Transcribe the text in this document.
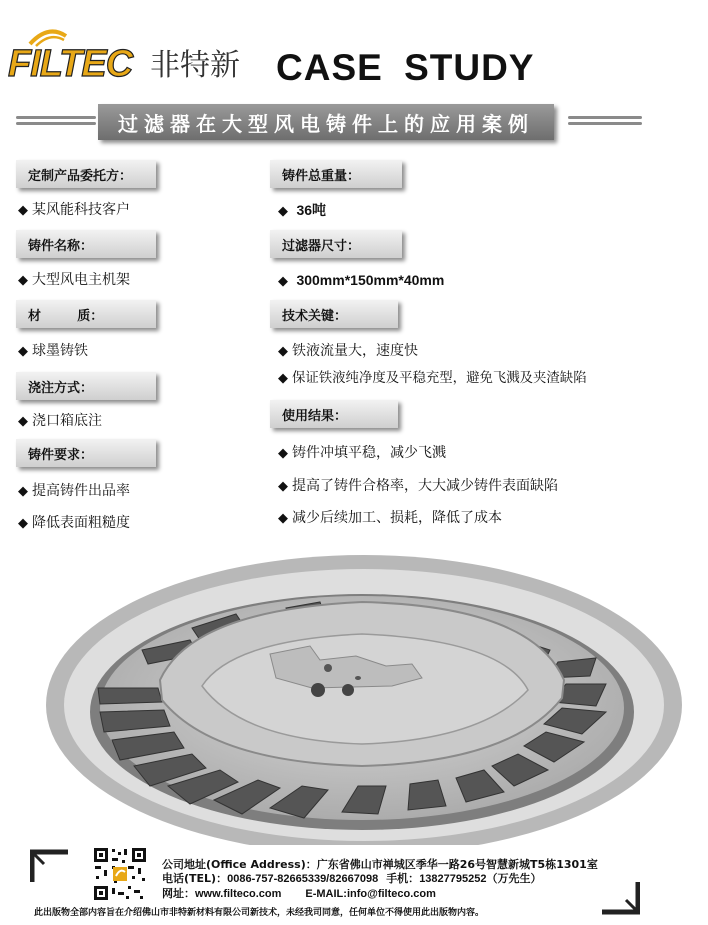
FILTEC 非特新 CASE STUDY
过滤器在大型风电铸件上的应用案例
定制产品委托方：
◆ 某风能科技客户
铸件名称：
◆ 大型风电主机架
材        质：
◆ 球墨铸铁
浇注方式：
◆ 浇口箱底注
铸件要求：
◆ 提高铸件出品率
◆ 降低表面粗糙度
铸件总重量：
◆ 36吨
过滤器尺寸：
◆ 300mm*150mm*40mm
技术关键：
◆ 铁液流量大，速度快
◆ 保证铁液纯净度及平稳充型，避免飞溅及夹渣缺陷
使用结果：
◆ 铸件冲填平稳，减少飞溅
◆ 提高了铸件合格率，大大减少铸件表面缺陷
◆ 减少后续加工、损耗，降低了成本
公司地址(Office Address)：广东省佛山市禅城区季华一路26号智慧新城T5栋1301室
电话(TEL)：0086-757-82665339/82667098 手机：13827795252（万先生）
网址：www.filteco.com E-MAIL:info@filteco.com
此出版物全部内容旨在介绍佛山市非特新材料有限公司新技术，未经我司同意，任何单位不得使用此出版物内容。
